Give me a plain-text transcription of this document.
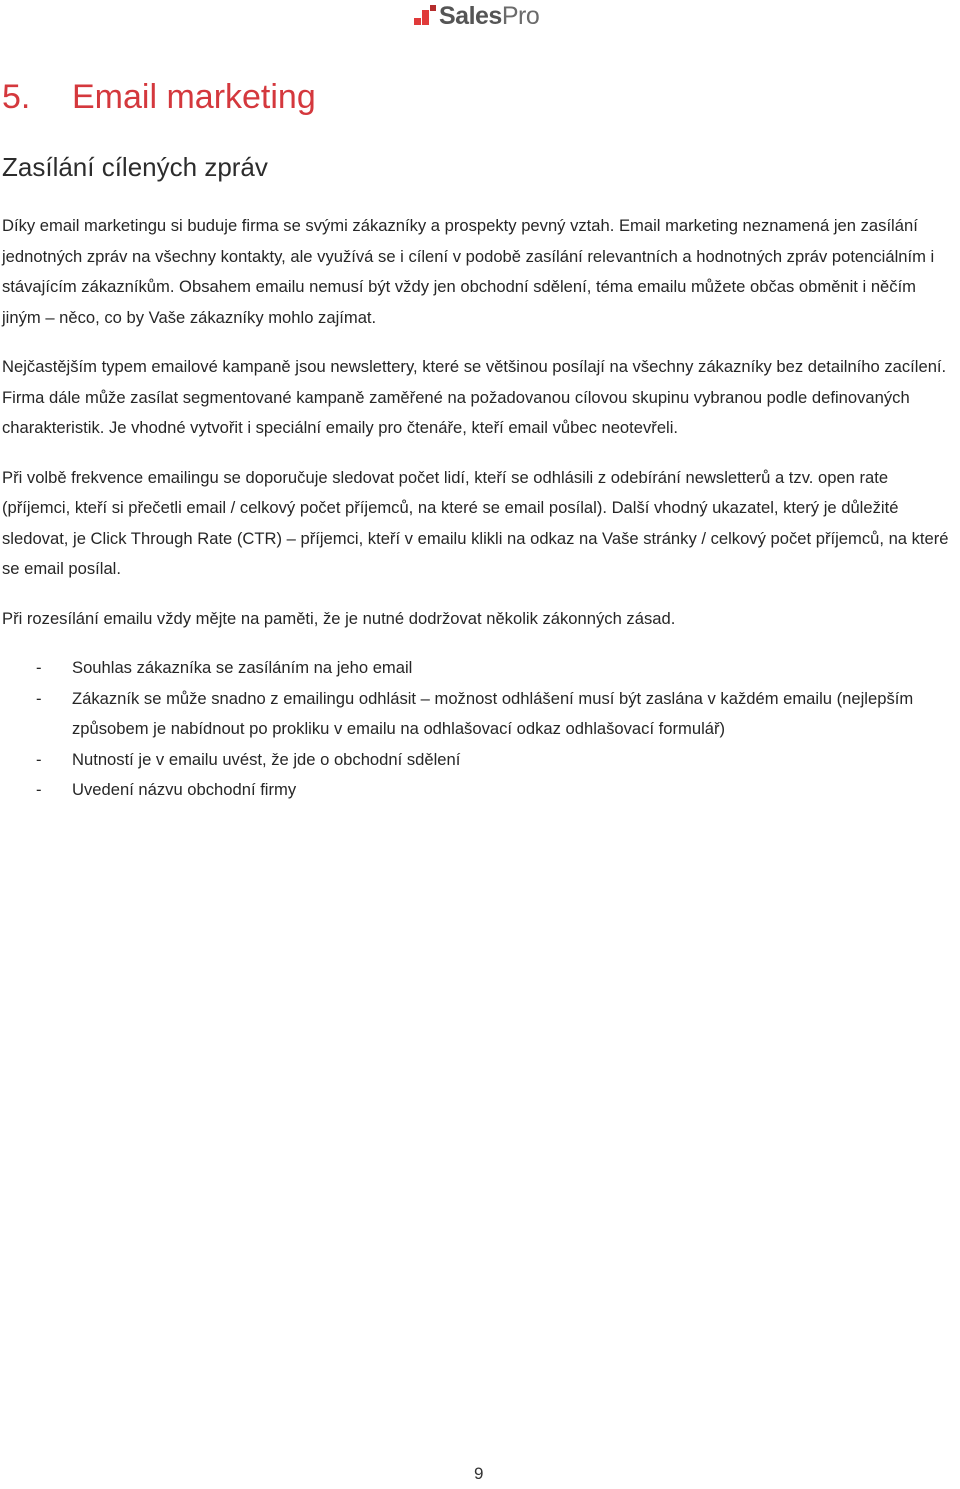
SalesPro
5. Email marketing
Zasílání cílených zpráv

Díky email marketingu si buduje firma se svými zákazníky a prospekty pevný vztah. Email marketing neznamená jen zasílání jednotných zpráv na všechny kontakty, ale využívá se i cílení v podobě zasílání relevantních a hodnotných zpráv potenciálním i stávajícím zákazníkům. Obsahem emailu nemusí být vždy jen obchodní sdělení, téma emailu můžete občas obměnit i něčím jiným – něco, co by Vaše zákazníky mohlo zajímat.

Nejčastějším typem emailové kampaně jsou newslettery, které se většinou posílají na všechny zákazníky bez detailního zacílení. Firma dále může zasílat segmentované kampaně zaměřené na požadovanou cílovou skupinu vybranou podle definovaných charakteristik. Je vhodné vytvořit i speciální emaily pro čtenáře, kteří email vůbec neotevřeli.

Při volbě frekvence emailingu se doporučuje sledovat počet lidí, kteří se odhlásili z odebírání newsletterů a tzv. open rate (příjemci, kteří si přečetli email / celkový počet příjemců, na které se email posílal). Další vhodný ukazatel, který je důležité sledovat, je Click Through Rate (CTR) – příjemci, kteří v emailu klikli na odkaz na Vaše stránky / celkový počet příjemců, na které se email posílal.

Při rozesílání emailu vždy mějte na paměti, že je nutné dodržovat několik zákonných zásad.

- Souhlas zákazníka se zasíláním na jeho email
- Zákazník se může snadno z emailingu odhlásit – možnost odhlášení musí být zaslána v každém emailu (nejlepším způsobem je nabídnout po prokliku v emailu na odhlašovací odkaz odhlašovací formulář)
- Nutností je v emailu uvést, že jde o obchodní sdělení
- Uvedení názvu obchodní firmy
9
